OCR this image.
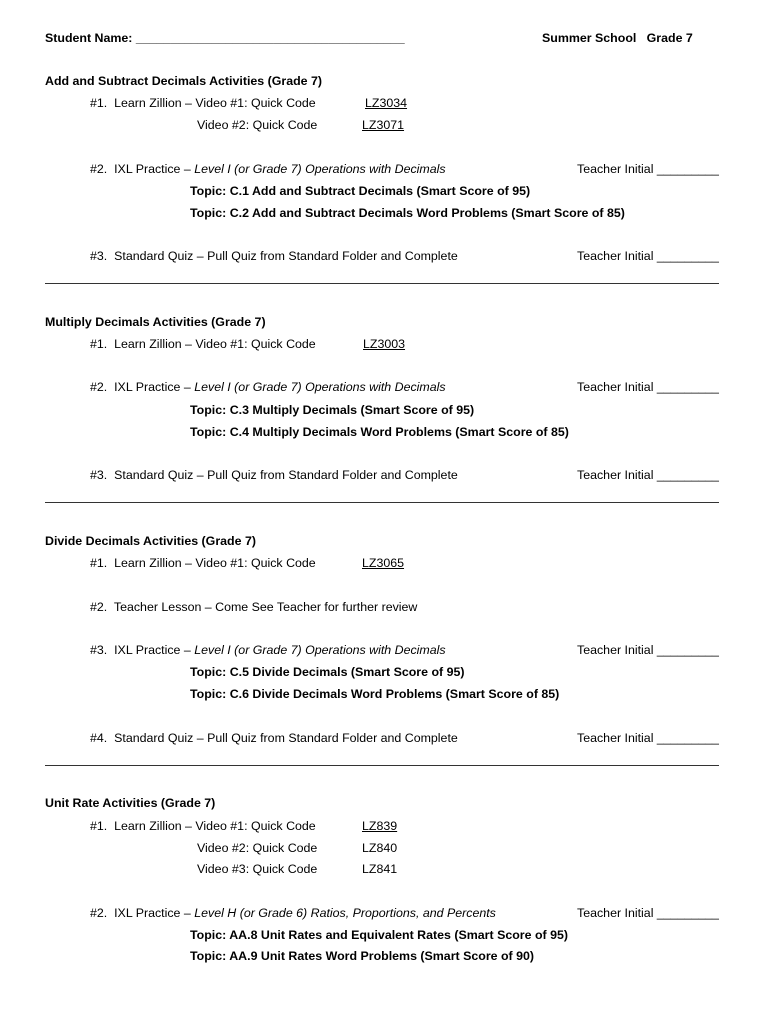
Student Name: _______________________________________	Summer School   Grade 7
Add and Subtract Decimals Activities (Grade 7)
#1.  Learn Zillion – Video #1: Quick Code	LZ3034
Video #2: Quick Code	LZ3071
#2.  IXL Practice – Level I (or Grade 7) Operations with Decimals	Teacher Initial _________
Topic: C.1 Add and Subtract Decimals (Smart Score of 95)
Topic: C.2 Add and Subtract Decimals Word Problems (Smart Score of 85)
#3.  Standard Quiz – Pull Quiz from Standard Folder and Complete	Teacher Initial _________
Multiply Decimals Activities (Grade 7)
#1.  Learn Zillion – Video #1: Quick Code	LZ3003
#2.  IXL Practice – Level I (or Grade 7) Operations with Decimals	Teacher Initial _________
Topic: C.3 Multiply Decimals (Smart Score of 95)
Topic: C.4 Multiply Decimals Word Problems (Smart Score of 85)
#3.  Standard Quiz – Pull Quiz from Standard Folder and Complete	Teacher Initial _________
Divide Decimals Activities (Grade 7)
#1.  Learn Zillion – Video #1: Quick Code	LZ3065
#2.  Teacher Lesson – Come See Teacher for further review
#3.  IXL Practice – Level I (or Grade 7) Operations with Decimals	Teacher Initial _________
Topic: C.5 Divide Decimals (Smart Score of 95)
Topic: C.6 Divide Decimals Word Problems (Smart Score of 85)
#4.  Standard Quiz – Pull Quiz from Standard Folder and Complete	Teacher Initial _________
Unit Rate Activities (Grade 7)
#1.  Learn Zillion – Video #1: Quick Code	LZ839
Video #2: Quick Code	LZ840
Video #3: Quick Code	LZ841
#2.  IXL Practice – Level H (or Grade 6) Ratios, Proportions, and Percents	Teacher Initial _________
Topic: AA.8 Unit Rates and Equivalent Rates (Smart Score of 95)
Topic: AA.9 Unit Rates Word Problems (Smart Score of 90)
